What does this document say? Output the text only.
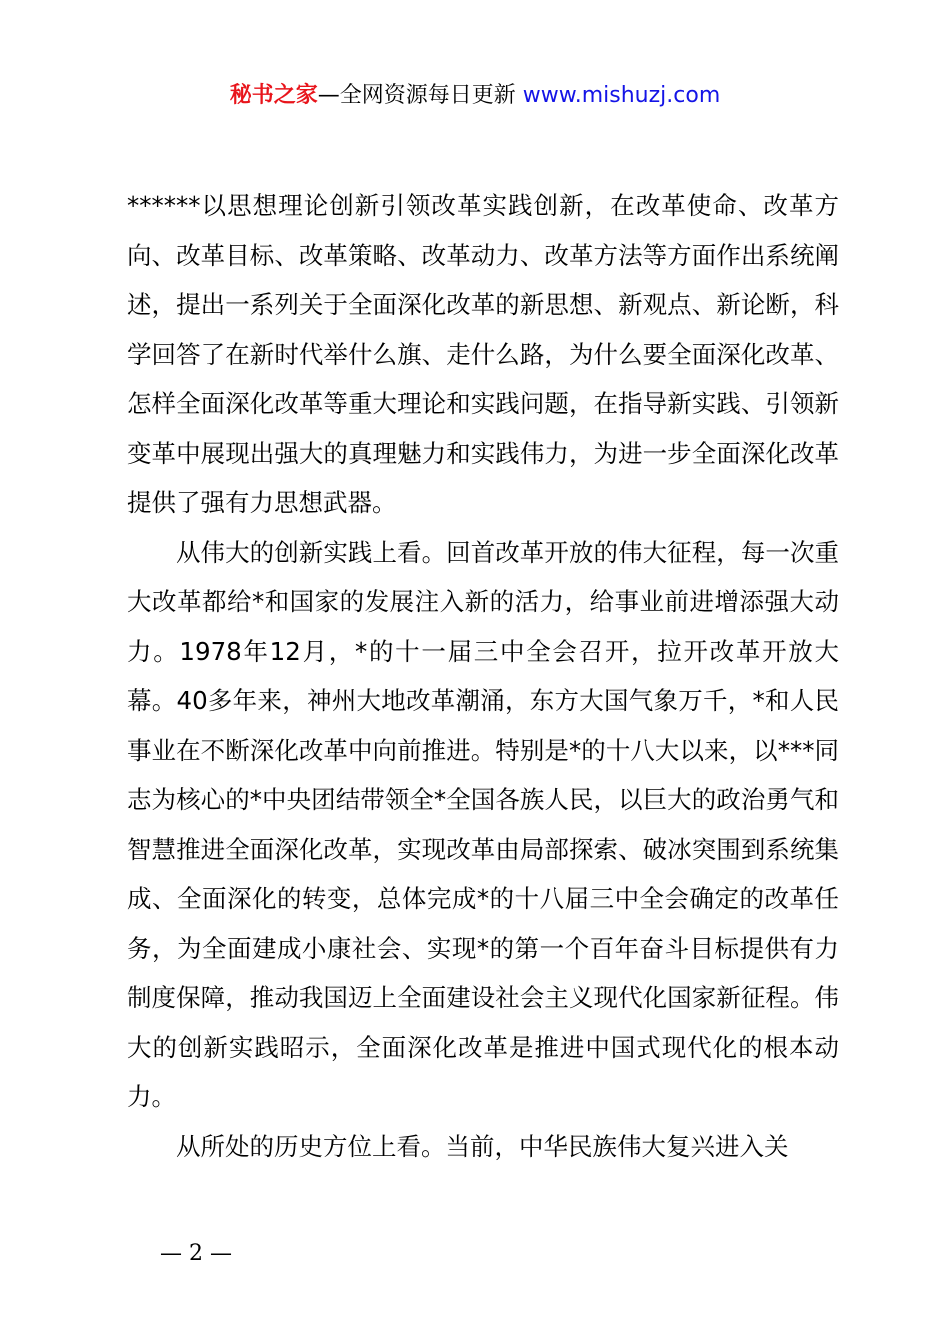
秘书之家—全网资源每日更新 www.mishuzj.com

******以思想理论创新引领改革实践创新，在改革使命、改革方向、改革目标、改革策略、改革动力、改革方法等方面作出系统阐述，提出一系列关于全面深化改革的新思想、新观点、新论断，科学回答了在新时代举什么旗、走什么路，为什么要全面深化改革、怎样全面深化改革等重大理论和实践问题，在指导新实践、引领新变革中展现出强大的真理魅力和实践伟力，为进一步全面深化改革提供了强有力思想武器。

从伟大的创新实践上看。回首改革开放的伟大征程，每一次重大改革都给*和国家的发展注入新的活力，给事业前进增添强大动力。1978年12月，*的十一届三中全会召开，拉开改革开放大幕。40多年来，神州大地改革潮涌，东方大国气象万千，*和人民事业在不断深化改革中向前推进。特别是*的十八大以来，以***同志为核心的*中央团结带领全*全国各族人民，以巨大的政治勇气和智慧推进全面深化改革，实现改革由局部探索、破冰突围到系统集成、全面深化的转变，总体完成*的十八届三中全会确定的改革任务，为全面建成小康社会、实现*的第一个百年奋斗目标提供有力制度保障，推动我国迈上全面建设社会主义现代化国家新征程。伟大的创新实践昭示，全面深化改革是推进中国式现代化的根本动力。

从所处的历史方位上看。当前，中华民族伟大复兴进入关

— 2 —
